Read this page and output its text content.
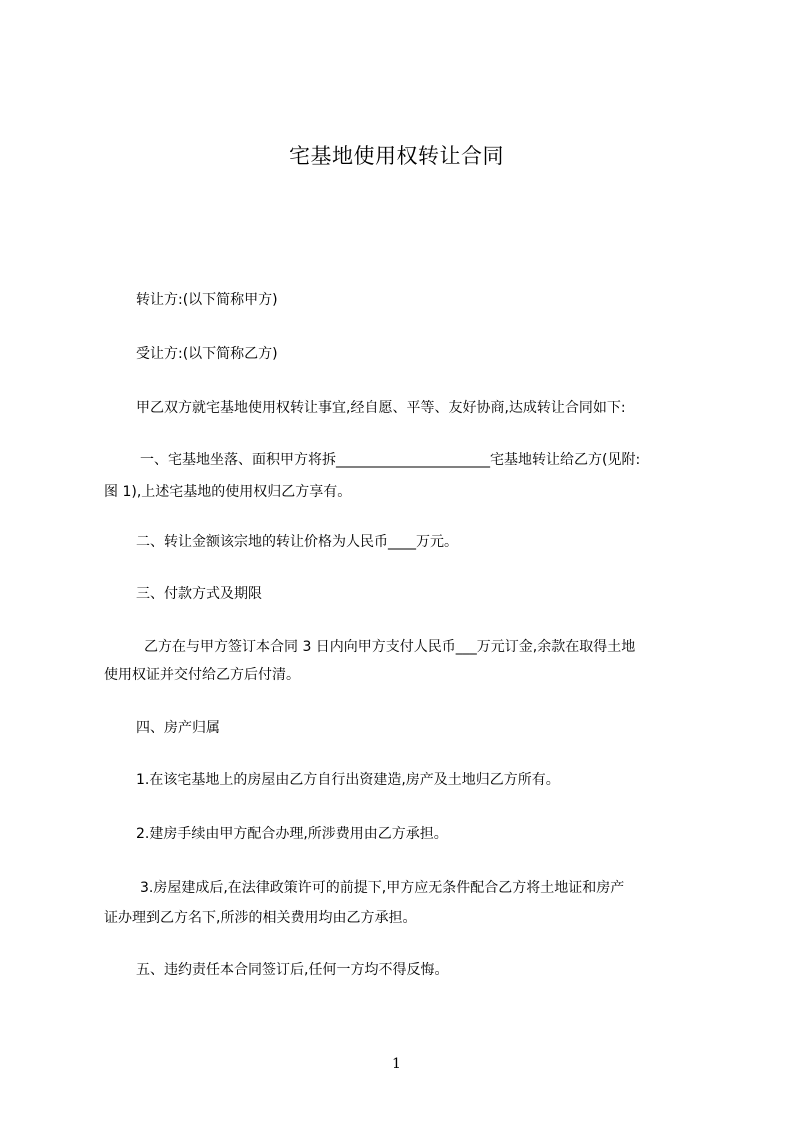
宅基地使用权转让合同
转让方:(以下简称甲方)
受让方:(以下简称乙方)
甲乙双方就宅基地使用权转让事宜,经自愿、平等、友好协商,达成转让合同如下:
一、宅基地坐落、面积甲方将拆______________________宅基地转让给乙方(见附:
图 1),上述宅基地的使用权归乙方享有。
二、转让金额该宗地的转让价格为人民币____万元。
三、付款方式及期限
乙方在与甲方签订本合同 3 日内向甲方支付人民币___万元订金,余款在取得土地
使用权证并交付给乙方后付清。
四、房产归属
1.在该宅基地上的房屋由乙方自行出资建造,房产及土地归乙方所有。
2.建房手续由甲方配合办理,所涉费用由乙方承担。
3.房屋建成后,在法律政策许可的前提下,甲方应无条件配合乙方将土地证和房产
证办理到乙方名下,所涉的相关费用均由乙方承担。
五、违约责任本合同签订后,任何一方均不得反悔。
1
